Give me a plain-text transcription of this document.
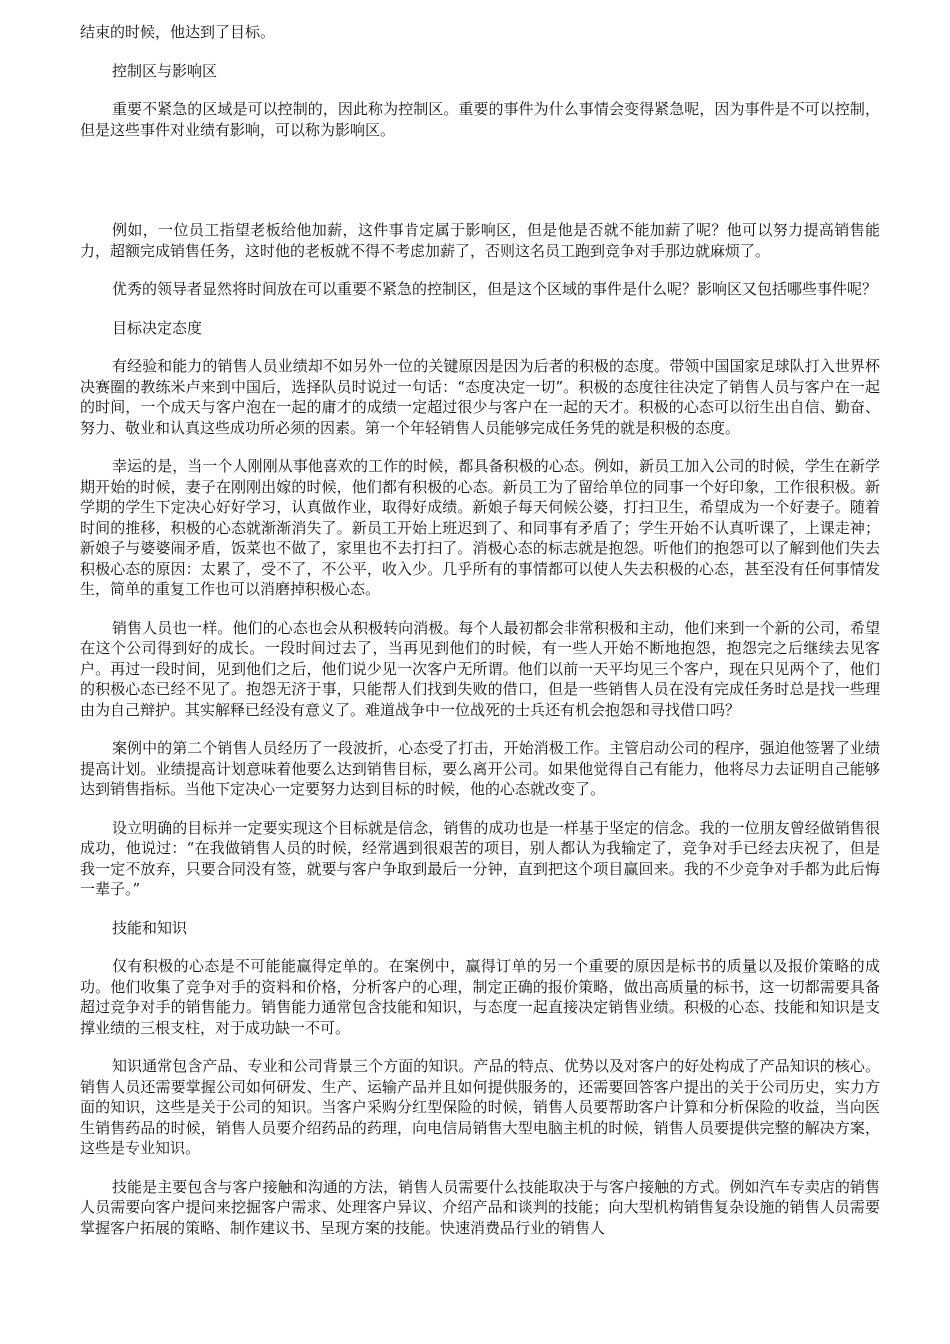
结束的时候，他达到了目标。

控制区与影响区

重要不紧急的区域是可以控制的，因此称为控制区。重要的事件为什么事情会变得紧急呢，因为事件是不可以控制，但是这些事件对业绩有影响，可以称为影响区。

例如，一位员工指望老板给他加薪，这件事肯定属于影响区，但是他是否就不能加薪了呢？他可以努力提高销售能力，超额完成销售任务，这时他的老板就不得不考虑加薪了，否则这名员工跑到竞争对手那边就麻烦了。

优秀的领导者显然将时间放在可以重要不紧急的控制区，但是这个区域的事件是什么呢？影响区又包括哪些事件呢？

目标决定态度

有经验和能力的销售人员业绩却不如另外一位的关键原因是因为后者的积极的态度。带领中国国家足球队打入世界杯决赛圈的教练米卢来到中国后，选择队员时说过一句话：“态度决定一切”。积极的态度往往决定了销售人员与客户在一起的时间，一个成天与客户泡在一起的庸才的成绩一定超过很少与客户在一起的天才。积极的心态可以衍生出自信、勤奋、努力、敬业和认真这些成功所必须的因素。第一个年轻销售人员能够完成任务凭的就是积极的态度。

幸运的是，当一个人刚刚从事他喜欢的工作的时候，都具备积极的心态。例如，新员工加入公司的时候，学生在新学期开始的时候，妻子在刚刚出嫁的时候，他们都有积极的心态。新员工为了留给单位的同事一个好印象，工作很积极。新学期的学生下定决心好好学习，认真做作业，取得好成绩。新娘子每天伺候公婆，打扫卫生，希望成为一个好妻子。随着时间的推移，积极的心态就渐渐消失了。新员工开始上班迟到了、和同事有矛盾了；学生开始不认真听课了，上课走神；新娘子与婆婆闹矛盾，饭菜也不做了，家里也不去打扫了。消极心态的标志就是抱怨。听他们的抱怨可以了解到他们失去积极心态的原因：太累了，受不了，不公平，收入少。几乎所有的事情都可以使人失去积极的心态，甚至没有任何事情发生，简单的重复工作也可以消磨掉积极心态。

销售人员也一样。他们的心态也会从积极转向消极。每个人最初都会非常积极和主动，他们来到一个新的公司，希望在这个公司得到好的成长。一段时间过去了，当再见到他们的时候，有一些人开始不断地抱怨，抱怨完之后继续去见客户。再过一段时间，见到他们之后，他们说少见一次客户无所谓。他们以前一天平均见三个客户，现在只见两个了，他们的积极心态已经不见了。抱怨无济于事，只能帮人们找到失败的借口，但是一些销售人员在没有完成任务时总是找一些理由为自己辩护。其实解释已经没有意义了。难道战争中一位战死的士兵还有机会抱怨和寻找借口吗？

案例中的第二个销售人员经历了一段波折，心态受了打击，开始消极工作。主管启动公司的程序，强迫他签署了业绩提高计划。业绩提高计划意味着他要么达到销售目标，要么离开公司。如果他觉得自己有能力，他将尽力去证明自己能够达到销售指标。当他下定决心一定要努力达到目标的时候，他的心态就改变了。

设立明确的目标并一定要实现这个目标就是信念，销售的成功也是一样基于坚定的信念。我的一位朋友曾经做销售很成功，他说过：“在我做销售人员的时候，经常遇到很艰苦的项目，别人都认为我输定了，竞争对手已经去庆祝了，但是我一定不放弃，只要合同没有签，就要与客户争取到最后一分钟，直到把这个项目赢回来。我的不少竞争对手都为此后悔一辈子。”

技能和知识

仅有积极的心态是不可能能赢得定单的。在案例中，赢得订单的另一个重要的原因是标书的质量以及报价策略的成功。他们收集了竞争对手的资料和价格，分析客户的心理，制定正确的报价策略，做出高质量的标书，这一切都需要具备超过竞争对手的销售能力。销售能力通常包含技能和知识，与态度一起直接决定销售业绩。积极的心态、技能和知识是支撑业绩的三根支柱，对于成功缺一不可。

知识通常包含产品、专业和公司背景三个方面的知识。产品的特点、优势以及对客户的好处构成了产品知识的核心。销售人员还需要掌握公司如何研发、生产、运输产品并且如何提供服务的，还需要回答客户提出的关于公司历史，实力方面的知识，这些是关于公司的知识。当客户采购分红型保险的时候，销售人员要帮助客户计算和分析保险的收益，当向医生销售药品的时候，销售人员要介绍药品的药理，向电信局销售大型电脑主机的时候，销售人员要提供完整的解决方案，这些是专业知识。

技能是主要包含与客户接触和沟通的方法，销售人员需要什么技能取决于与客户接触的方式。例如汽车专卖店的销售人员需要向客户提问来挖掘客户需求、处理客户异议、介绍产品和谈判的技能；向大型机构销售复杂设施的销售人员需要掌握客户拓展的策略、制作建议书、呈现方案的技能。快速消费品行业的销售人
